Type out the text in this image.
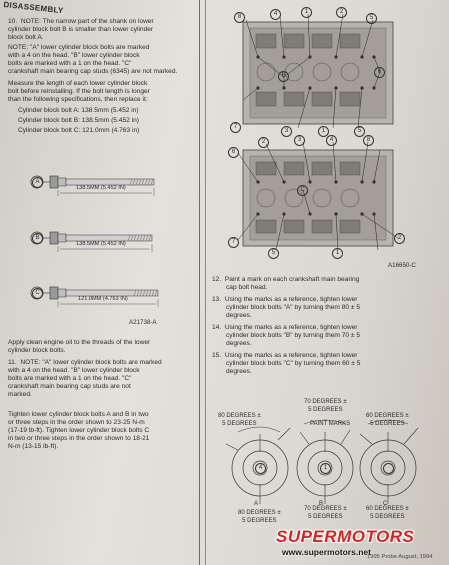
DISASSEMBLY
10.  NOTE: The narrow part of the shank on lower
cylinder block bolt B is smaller than lower cylinder
block bolt A.
NOTE: "A" lower cylinder block bolts are marked
with a 4 on the head. "B" lower cylinder block
bolts are marked with a 1 on the head. "C"
crankshaft main bearing cap studs (6345) are not marked.
Measure the length of each lower cylinder block
bolt before reinstalling. If the bolt length is longer
than the following specifications, then replace it:
Cylinder block bolt A: 138.5mm (5.452 in)
Cylinder block bolt B: 138.5mm (5.452 in)
Cylinder block bolt C: 121.0mm (4.763 in)
A
B
C
138.5MM (5.452 IN)
138.5MM (5.452 IN)
121.0MM (4.763 IN)
A21738-A
Apply clean engine oil to the threads of the lower
cylinder block bolts.
11.  NOTE: "A" lower cylinder block bolts are marked
with a 4 on the head. "B" lower cylinder block
bolts are marked with a 1 on the head. "C"
crankshaft main bearing cap studs are not
marked.
Tighten lower cylinder block bolts A and B in two
or three steps in the order shown to 23-25 N-m
(17-19 lb-ft). Tighten lower cylinder block bolts C
in two or three steps in the order shown to 18-21
N-m (13-15 lb-ft).
8	4	1	2
5
6
B
7
3	1	5
6
2	3	4	8
C
7
5	1
2
A16650-C
12.  Paint a mark on each crankshaft main bearing
cap bolt head.
13.  Using the marks as a reference, tighten lower
cylinder block bolts "A" by turning them 80 ± 5
degrees.
14.  Using the marks as a reference, tighten lower
cylinder block bolts "B" by turning them 70 ± 5
degrees.
15.  Using the marks as a reference, tighten lower
cylinder block bolts "C" by turning them 60 ± 5
degrees.
4	1
80 DEGREES ±
5 DEGREES
70 DEGREES ±
5 DEGREES
PAINT MARKS
60 DEGREES ±
5 DEGREES
A	B	C
80 DEGREES ±
5 DEGREES
70 DEGREES ±
5 DEGREES
60 DEGREES ±
5 DEGREES
1995 Probe August, 1994
SUPERMOTORS
www.supermotors.net
